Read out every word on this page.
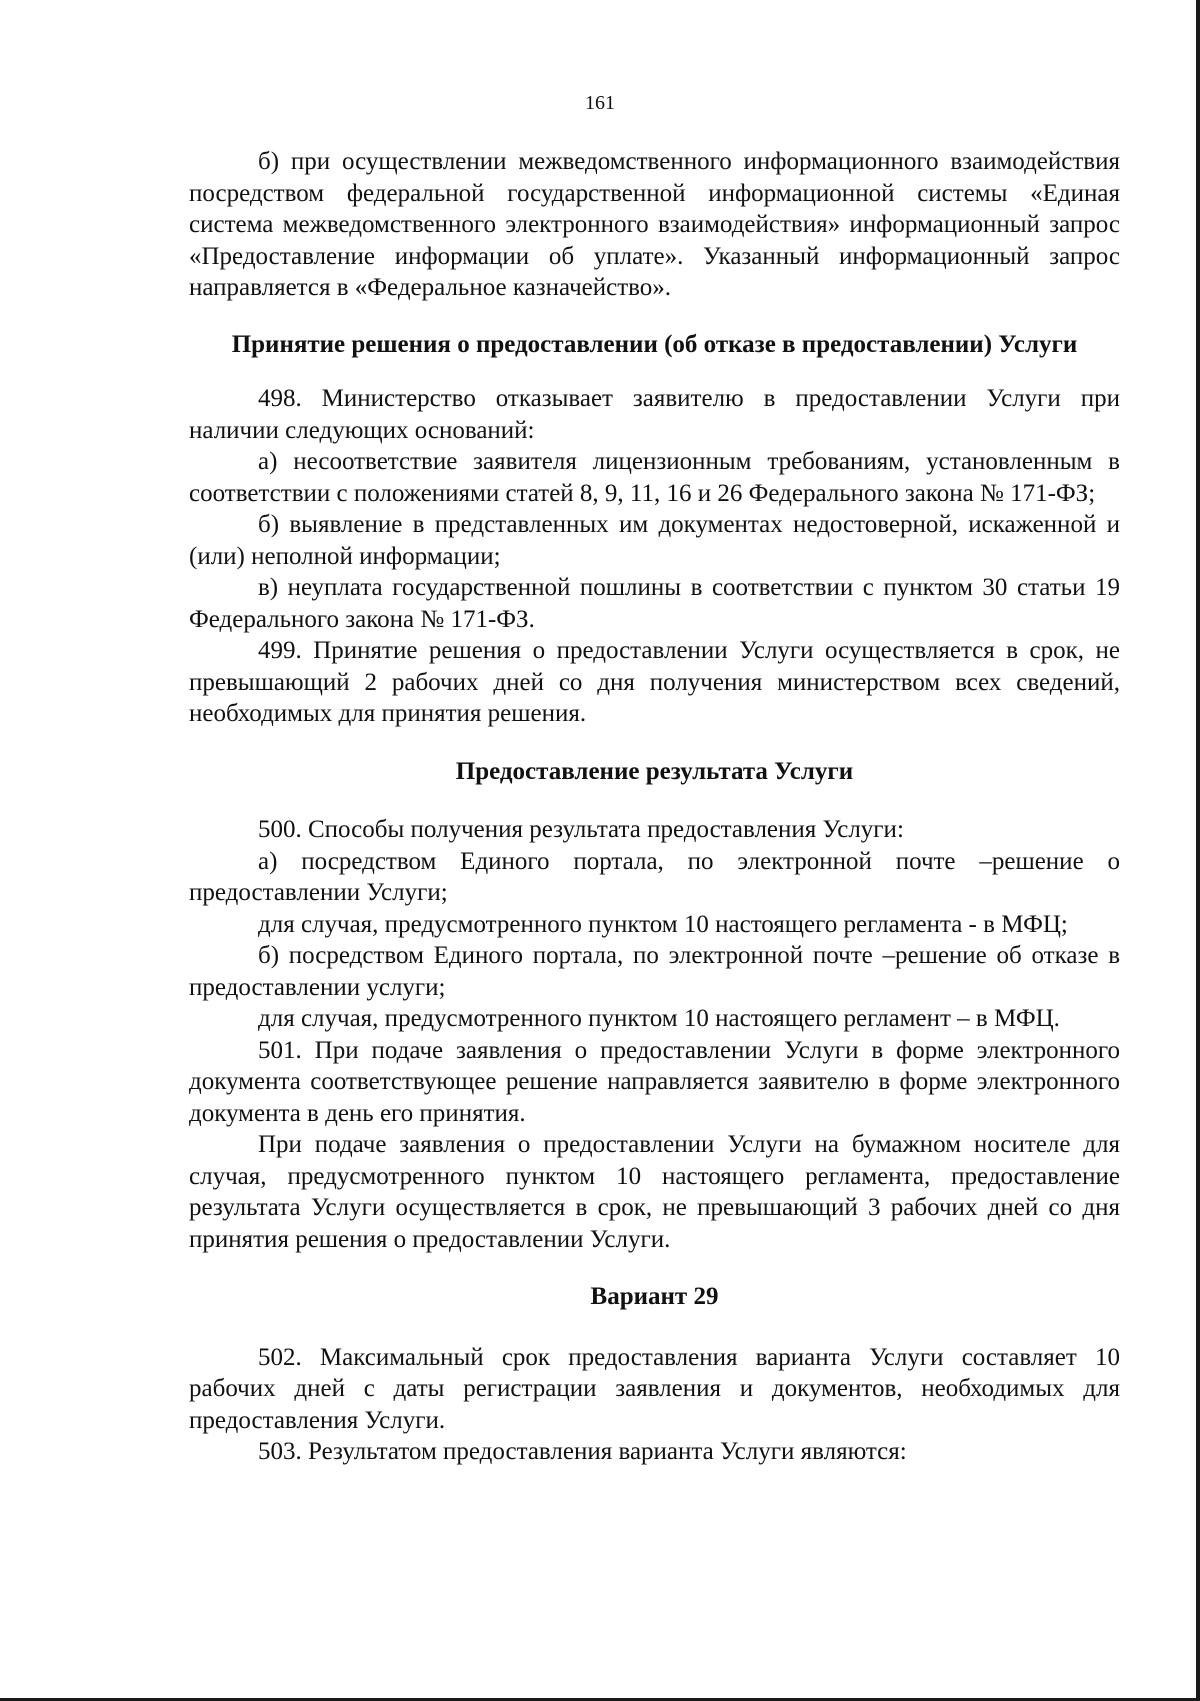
161

б) при осуществлении межведомственного информационного взаимодействия посредством федеральной государственной информационной системы «Единая система межведомственного электронного взаимодействия» информационный запрос «Предоставление информации об уплате». Указанный информационный запрос направляется в «Федеральное казначейство».

Принятие решения о предоставлении (об отказе в предоставлении) Услуги

498. Министерство отказывает заявителю в предоставлении Услуги при наличии следующих оснований:

а) несоответствие заявителя лицензионным требованиям, установленным в соответствии с положениями статей 8, 9, 11, 16 и 26 Федерального закона № 171-ФЗ;

б) выявление в представленных им документах недостоверной, искаженной и (или) неполной информации;

в) неуплата государственной пошлины в соответствии с пунктом 30 статьи 19 Федерального закона № 171-ФЗ.

499. Принятие решения о предоставлении Услуги осуществляется в срок, не превышающий 2 рабочих дней со дня получения министерством всех сведений, необходимых для принятия решения.

Предоставление результата Услуги

500. Способы получения результата предоставления Услуги:

а) посредством Единого портала, по электронной почте –решение о предоставлении Услуги;

для случая, предусмотренного пунктом 10 настоящего регламента - в МФЦ;

б) посредством Единого портала, по электронной почте –решение об отказе в предоставлении услуги;

для случая, предусмотренного пунктом 10 настоящего регламент – в МФЦ.

501. При подаче заявления о предоставлении Услуги в форме электронного документа соответствующее решение направляется заявителю в форме электронного документа в день его принятия.

При подаче заявления о предоставлении Услуги на бумажном носителе для случая, предусмотренного пунктом 10 настоящего регламента, предоставление результата Услуги осуществляется в срок, не превышающий 3 рабочих дней со дня принятия решения о предоставлении Услуги.

Вариант 29

502. Максимальный срок предоставления варианта Услуги составляет 10 рабочих дней с даты регистрации заявления и документов, необходимых для предоставления Услуги.

503. Результатом предоставления варианта Услуги являются:
